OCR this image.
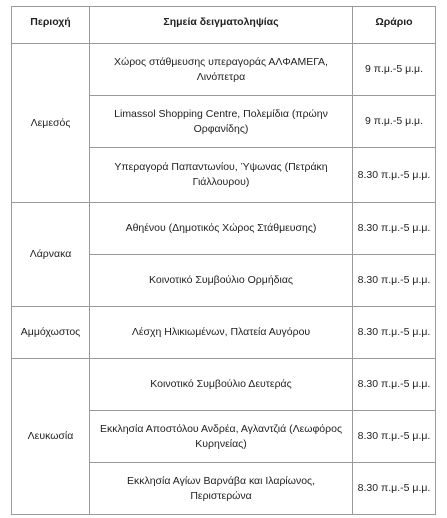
Περιοχή	Σημεία δειγματοληψίας	Ωράριο
Λεμεσός	Χώρος στάθμευσης υπεραγοράς ΑΛΦΑΜΕΓΑ, Λινόπετρα	9 π.μ.-5 μ.μ.
	Limassol Shopping Centre, Πολεμίδια (πρώην Ορφανίδης)	9 π.μ.-5 μ.μ.
	Υπεραγορά Παπαντωνίου, Ύψωνας (Πετράκη Γιάλλουρου)	8.30 π.μ.-5 μ.μ.
Λάρνακα	Αθηένου (Δημοτικός Χώρος Στάθμευσης)	8.30 π.μ.-5 μ.μ.
	Κοινοτικό Συμβούλιο Ορμήδιας	8.30 π.μ.-5 μ.μ.
Αμμόχωστος	Λέσχη Ηλικιωμένων, Πλατεία Αυγόρου	8.30 π.μ.-5 μ.μ.
Λευκωσία	Κοινοτικό Συμβούλιο Δευτεράς	8.30 π.μ.-5 μ.μ.
	Εκκλησία Αποστόλου Ανδρέα, Αγλαντζιά (Λεωφόρος Κυρηνείας)	8.30 π.μ.-5 μ.μ.
	Εκκλησία Αγίων Βαρνάβα και Ιλαρίωνος, Περιστερώνα	8.30 π.μ.-5 μ.μ.
